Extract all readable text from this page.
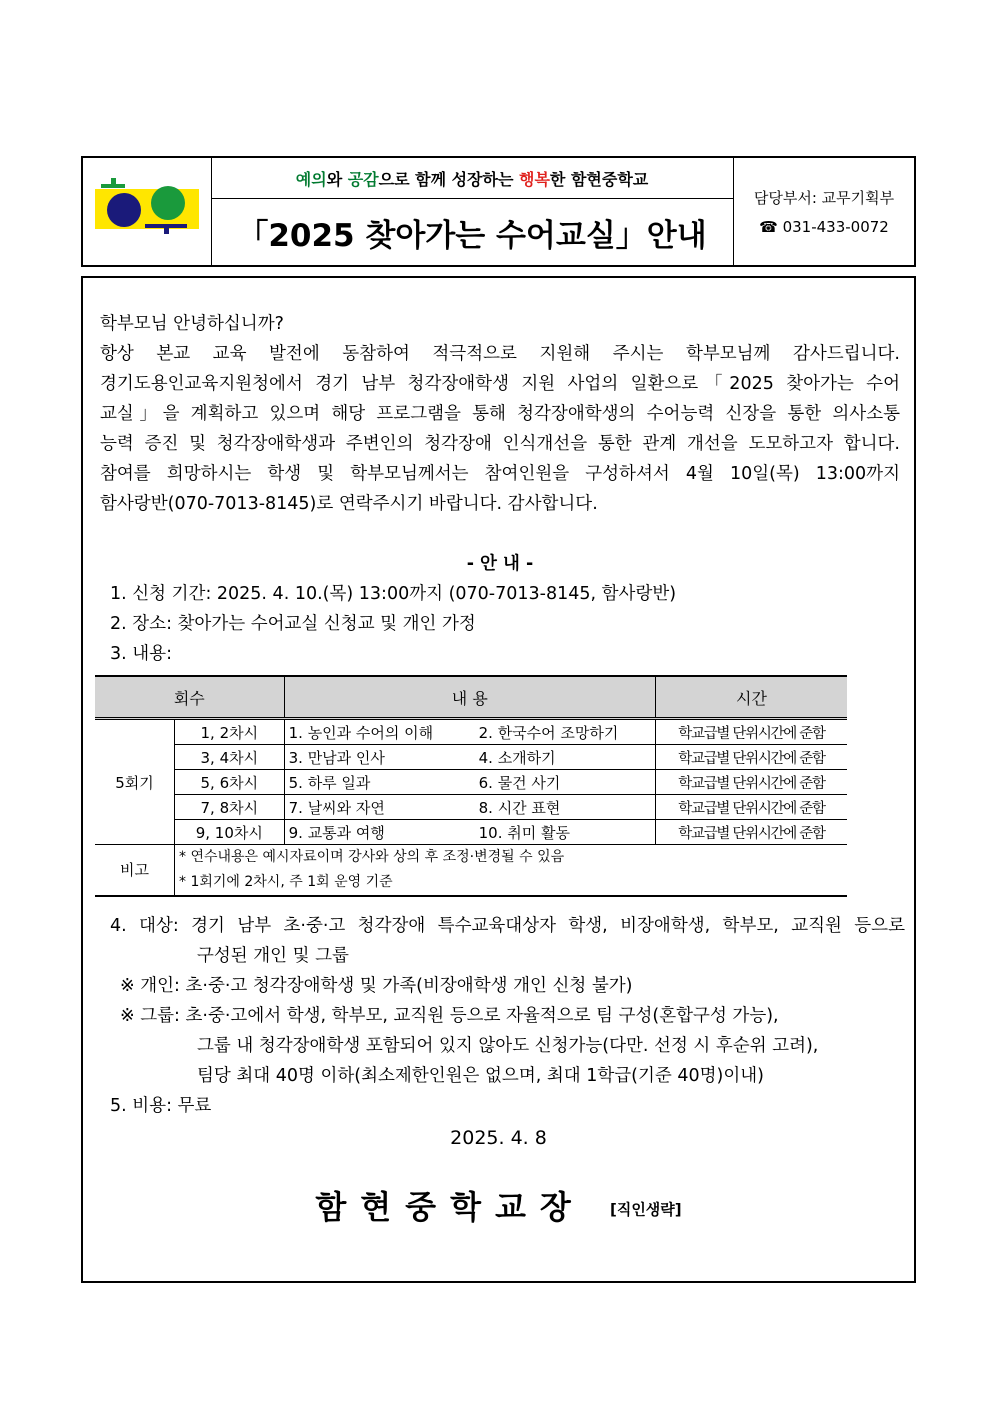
예의 와 공감 으로 함께 성장하는 행복 한 함현중학교
「2025 찾아가는 수어교실」안내
담당부서: 교무기획부
☎ 031-433-0072
학부모님 안녕하십니까?
항상 본교 교육 발전에 동참하여 적극적으로 지원해 주시는 학부모님께 감사드립니다.
경기도용인교육지원청에서 경기 남부 청각장애학생 지원 사업의 일환으로「2025 찾아가는 수어
교실」을 계획하고 있으며 해당 프로그램을 통해 청각장애학생의 수어능력 신장을 통한 의사소통
능력 증진 및 청각장애학생과 주변인의 청각장애 인식개선을 통한 관계 개선을 도모하고자 합니다.
참여를 희망하시는 학생 및 학부모님께서는 참여인원을 구성하셔서 4월 10일(목) 13:00까지
함사랑반(070-7013-8145)로 연락주시기 바랍니다. 감사합니다.
- 안 내 -
1. 신청 기간: 2025. 4. 10.(목) 13:00까지 (070-7013-8145, 함사랑반)
2. 장소: 찾아가는 수어교실 신청교 및 개인 가정
3. 내용:
회수		내 용	시간
5회기	1, 2차시	1. 농인과 수어의 이해 2. 한국수어 조망하기	학교급별 단위시간에 준함
	3, 4차시	3. 만남과 인사 4. 소개하기	학교급별 단위시간에 준함
	5, 6차시	5. 하루 일과 6. 물건 사기	학교급별 단위시간에 준함
	7, 8차시	7. 날씨와 자연 8. 시간 표현	학교급별 단위시간에 준함
	9, 10차시	9. 교통과 여행 10. 취미 활동	학교급별 단위시간에 준함
비고	* 연수내용은 예시자료이며 강사와 상의 후 조정·변경될 수 있음
* 1회기에 2차시, 주 1회 운영 기준		
4. 대상: 경기 남부 초·중·고 청각장애 특수교육대상자 학생, 비장애학생, 학부모, 교직원 등으로
구성된 개인 및 그룹
※ 개인: 초·중·고 청각장애학생 및 가족(비장애학생 개인 신청 불가)
※ 그룹: 초·중·고에서 학생, 학부모, 교직원 등으로 자율적으로 팀 구성(혼합구성 가능),
그룹 내 청각장애학생 포함되어 있지 않아도 신청가능(다만. 선정 시 후순위 고려),
팀당 최대 40명 이하(최소제한인원은 없으며, 최대 1학급(기준 40명)이내)
5. 비용: 무료
2025. 4. 8
함현중학교장 [직인생략]
